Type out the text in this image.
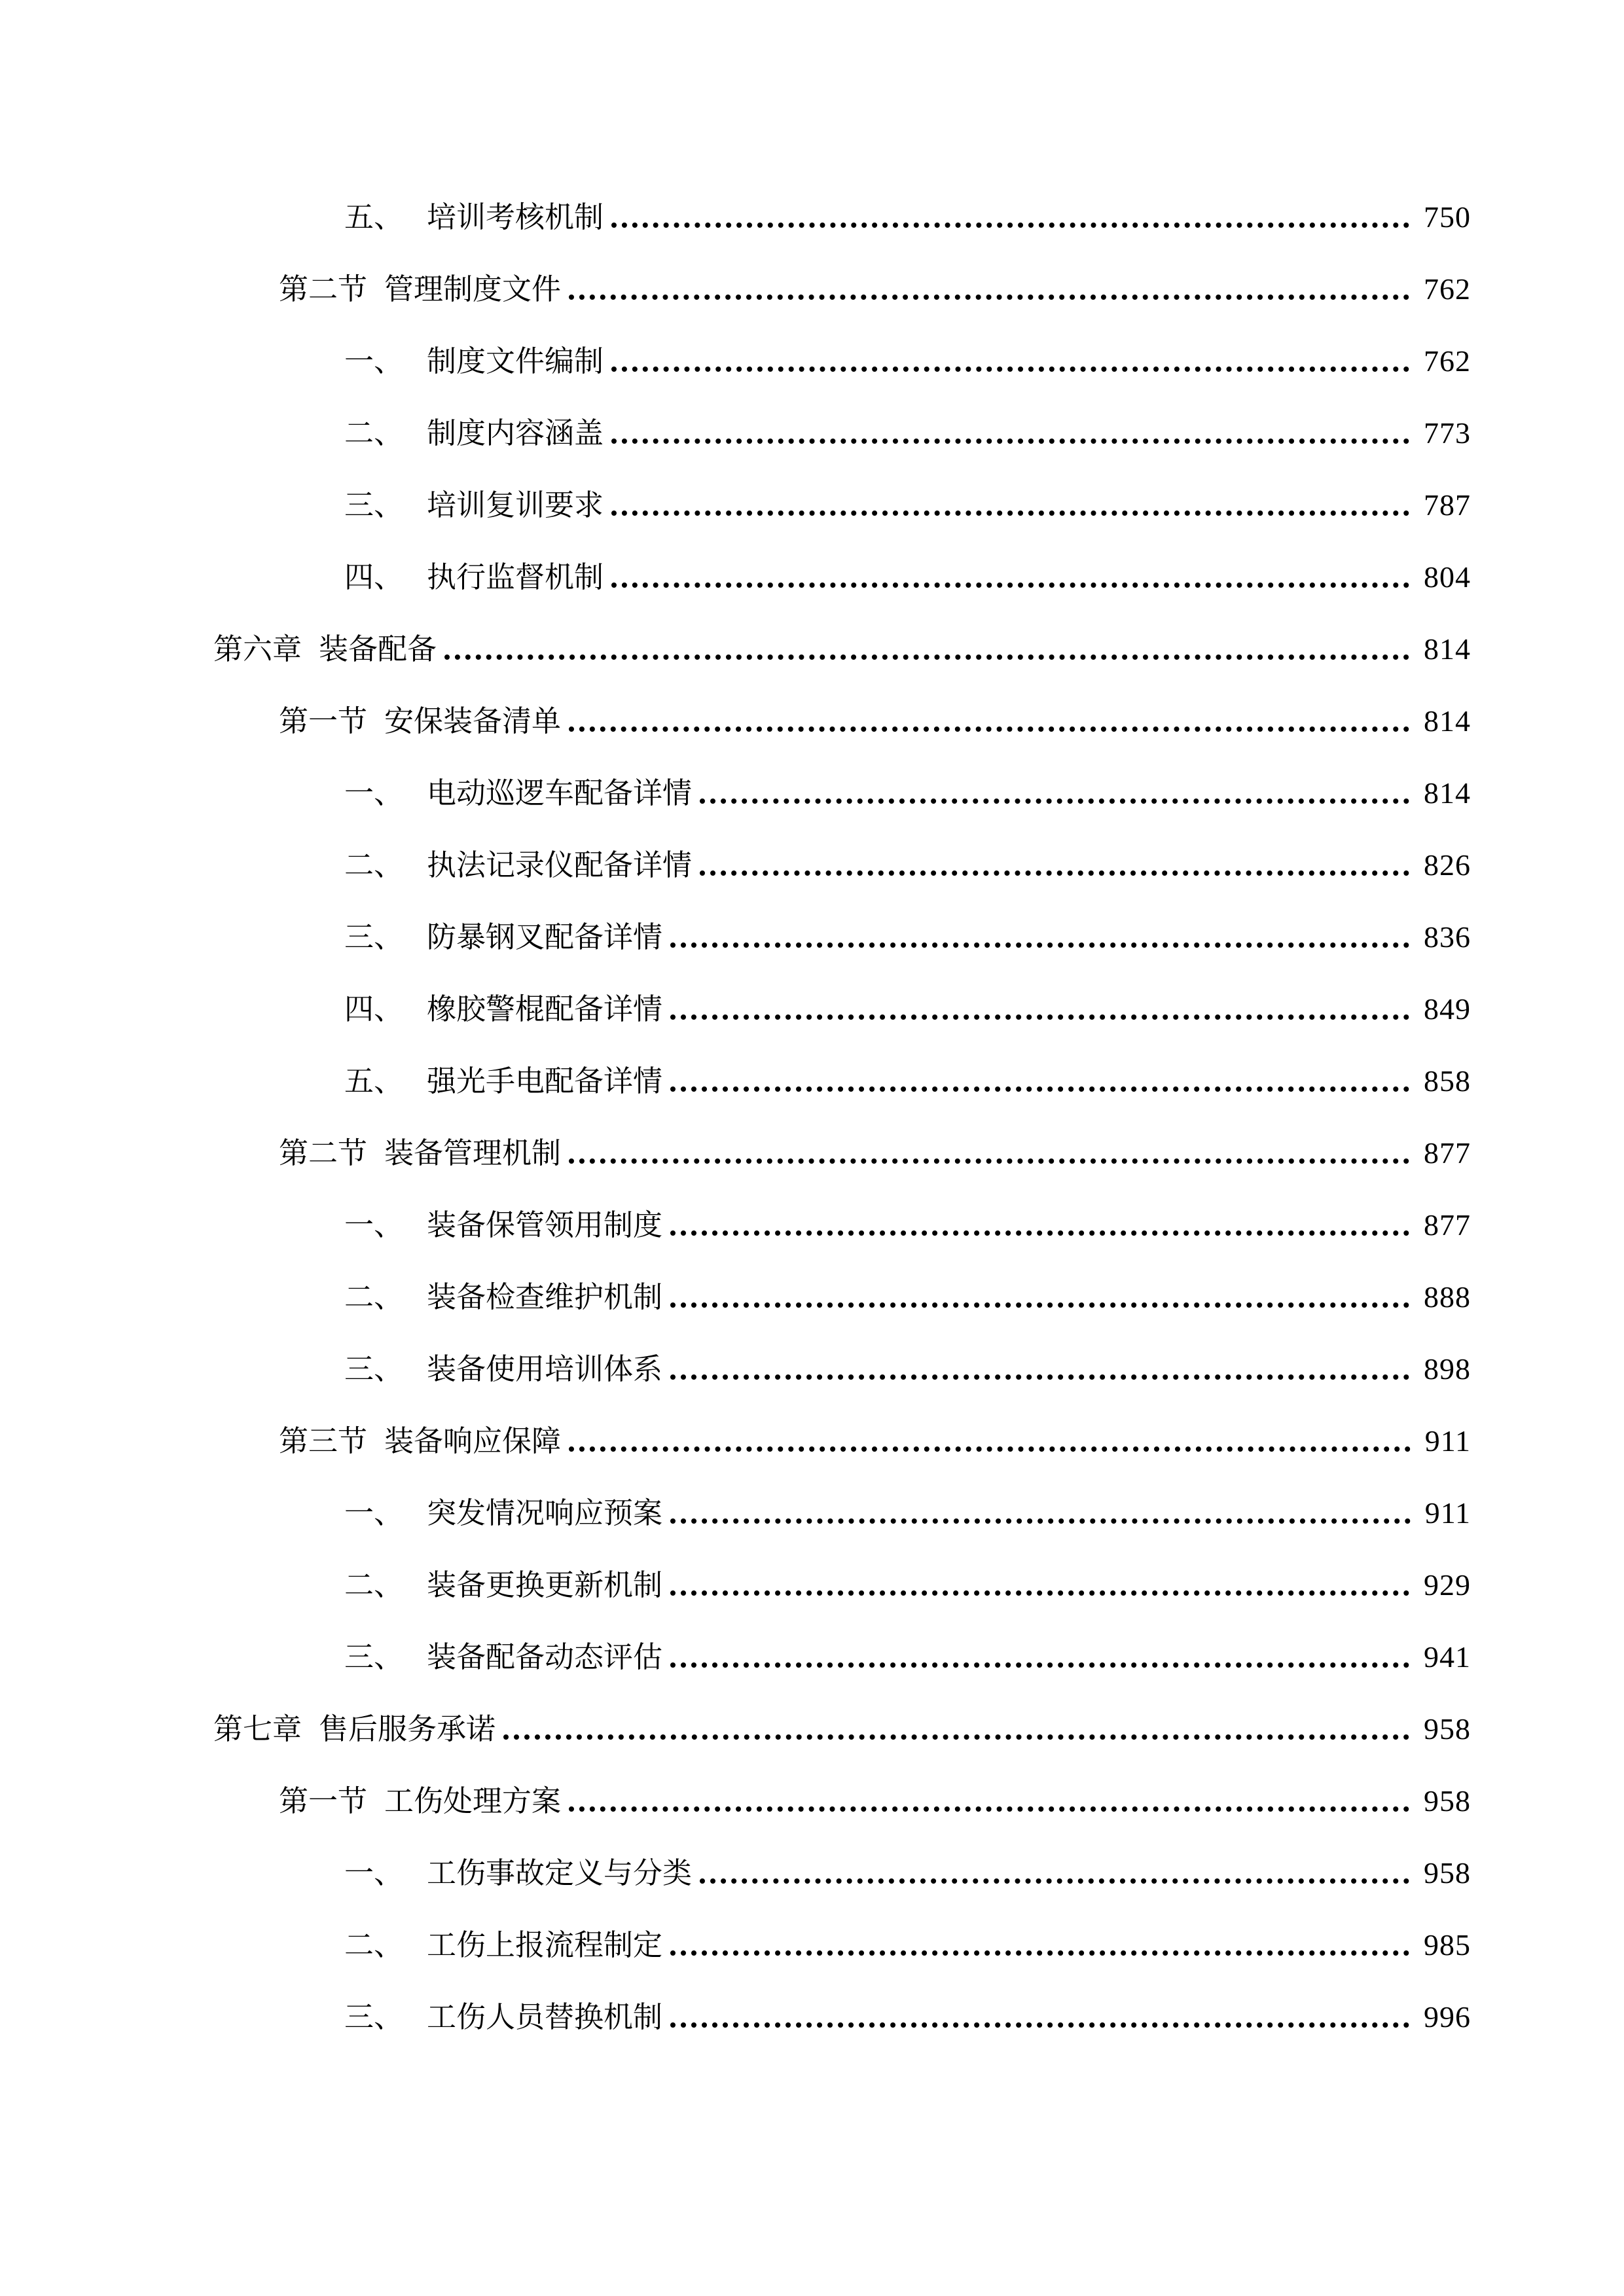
五、 培训考核机制	750
第二节 管理制度文件	762
一、 制度文件编制	762
二、 制度内容涵盖	773
三、 培训复训要求	787
四、 执行监督机制	804
第六章 装备配备	814
第一节 安保装备清单	814
一、 电动巡逻车配备详情	814
二、 执法记录仪配备详情	826
三、 防暴钢叉配备详情	836
四、 橡胶警棍配备详情	849
五、 强光手电配备详情	858
第二节 装备管理机制	877
一、 装备保管领用制度	877
二、 装备检查维护机制	888
三、 装备使用培训体系	898
第三节 装备响应保障	911
一、 突发情况响应预案	911
二、 装备更换更新机制	929
三、 装备配备动态评估	941
第七章 售后服务承诺	958
第一节 工伤处理方案	958
一、 工伤事故定义与分类	958
二、 工伤上报流程制定	985
三、 工伤人员替换机制	996
